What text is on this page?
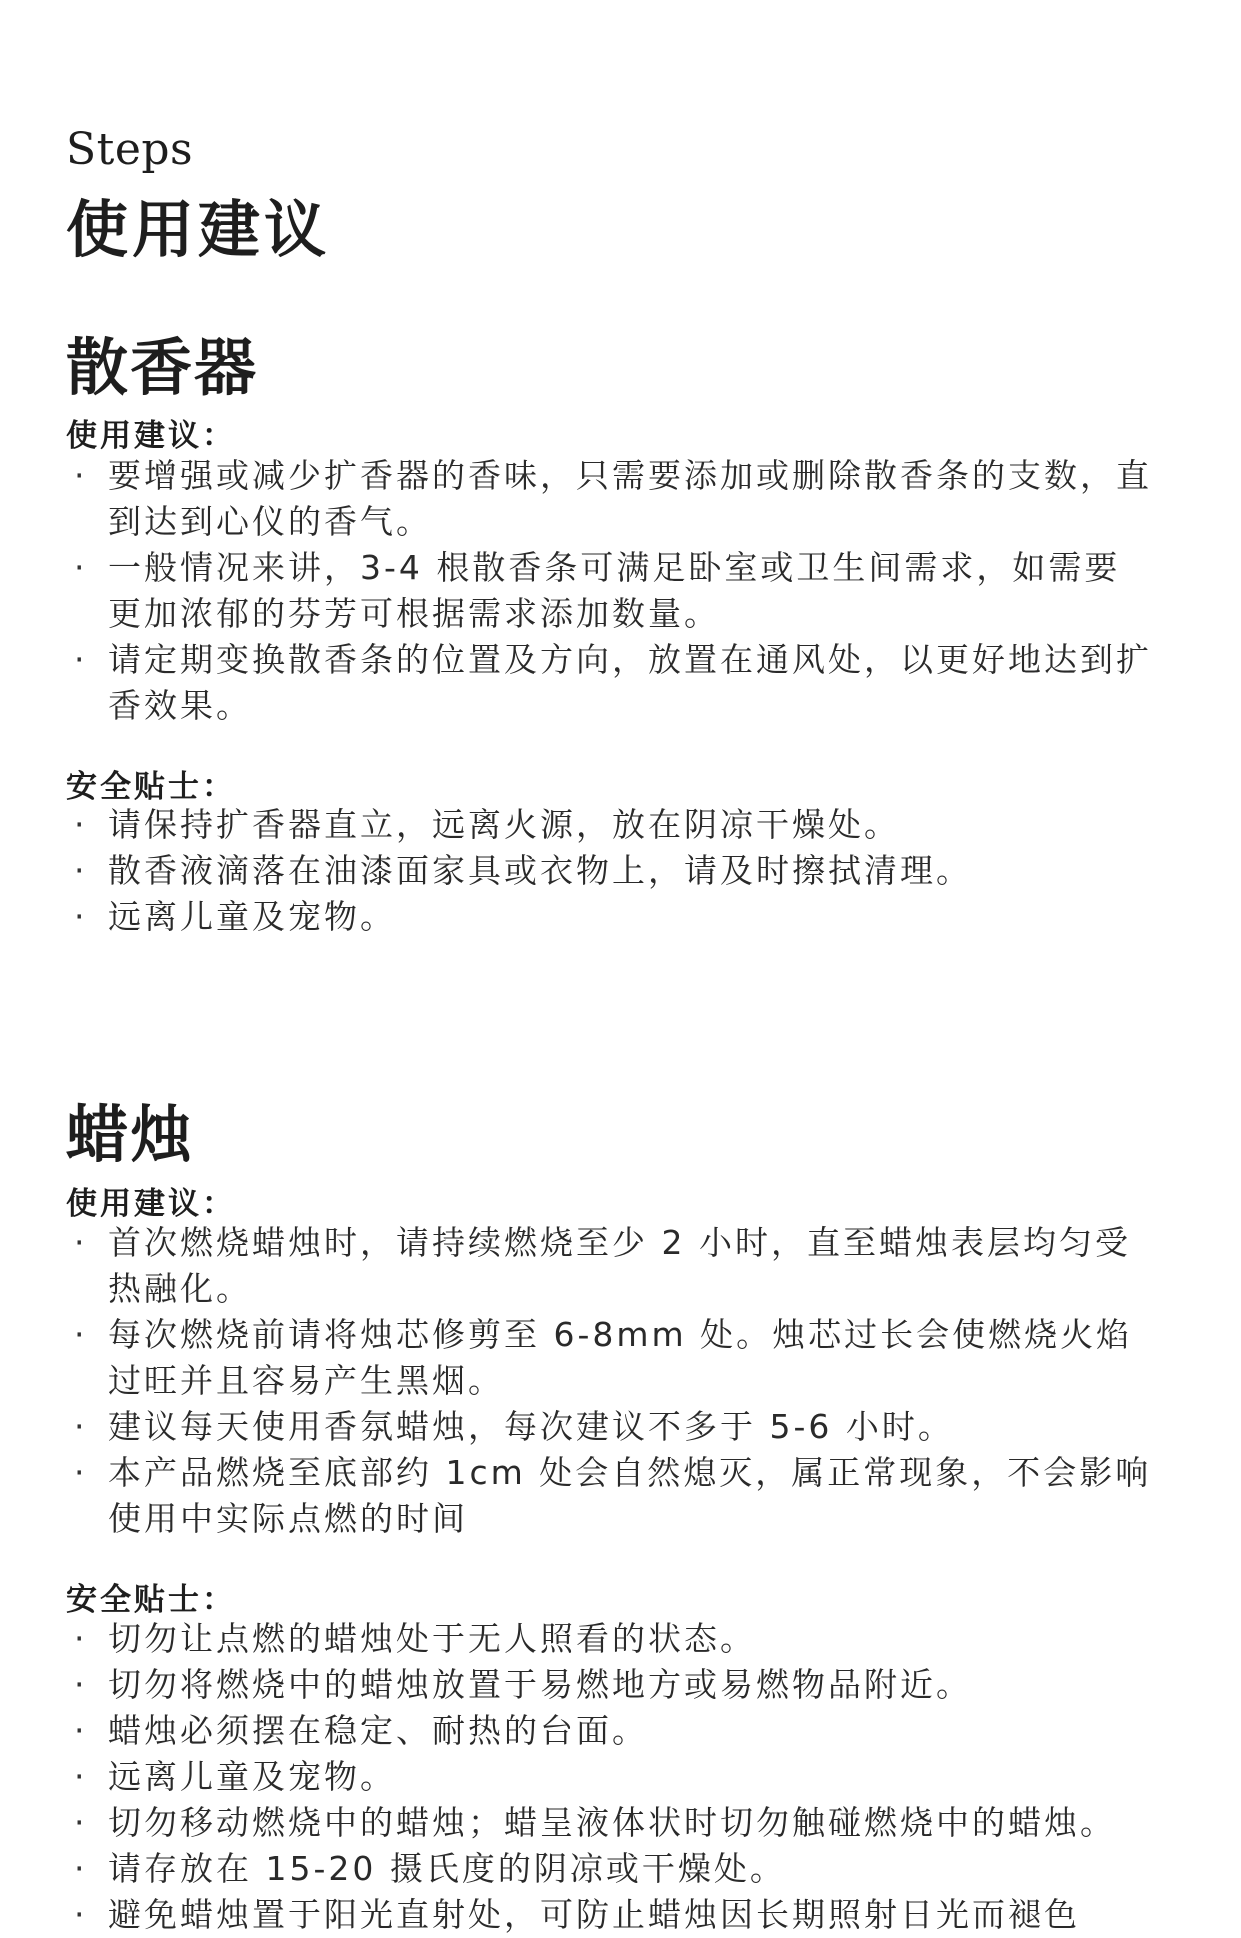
Steps
使用建议
散香器
使用建议：
· 要增强或减少扩香器的香味，只需要添加或删除散香条的支数，直到达到心仪的香气。
· 一般情况来讲，3-4 根散香条可满足卧室或卫生间需求，如需要更加浓郁的芬芳可根据需求添加数量。
· 请定期变换散香条的位置及方向，放置在通风处，以更好地达到扩香效果。
安全贴士：
· 请保持扩香器直立，远离火源，放在阴凉干燥处。
· 散香液滴落在油漆面家具或衣物上，请及时擦拭清理。
· 远离儿童及宠物。
蜡烛
使用建议：
· 首次燃烧蜡烛时，请持续燃烧至少 2 小时，直至蜡烛表层均匀受热融化。
· 每次燃烧前请将烛芯修剪至 6-8mm 处。烛芯过长会使燃烧火焰过旺并且容易产生黑烟。
· 建议每天使用香氛蜡烛，每次建议不多于 5-6 小时。
· 本产品燃烧至底部约 1cm 处会自然熄灭，属正常现象，不会影响使用中实际点燃的时间
安全贴士：
· 切勿让点燃的蜡烛处于无人照看的状态。
· 切勿将燃烧中的蜡烛放置于易燃地方或易燃物品附近。
· 蜡烛必须摆在稳定、耐热的台面。
· 远离儿童及宠物。
· 切勿移动燃烧中的蜡烛；蜡呈液体状时切勿触碰燃烧中的蜡烛。
· 请存放在 15-20 摄氏度的阴凉或干燥处。
· 避免蜡烛置于阳光直射处，可防止蜡烛因长期照射日光而褪色
